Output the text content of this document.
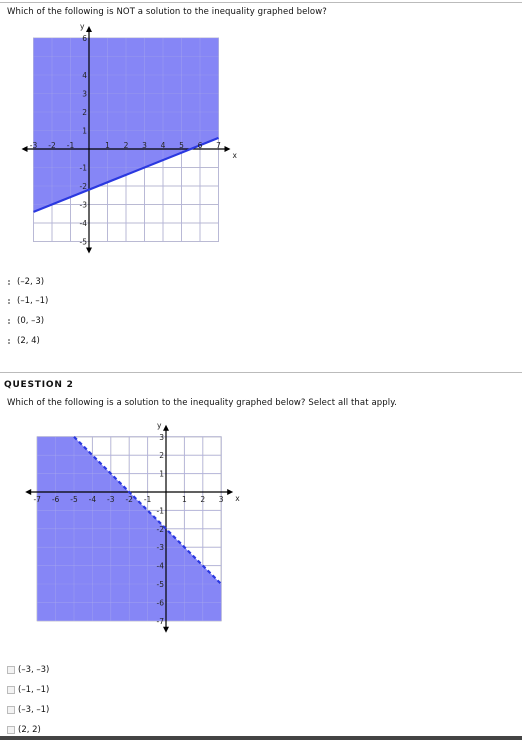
Which of the following is NOT a solution to the inequality graphed below?
-3 -2 -1	1 2 3 4 5 6 7
6
4
3
2
1
-1
-2
-3
-4
-5
x
y
(–2, 3)
(–1, –1)
(0, –3)
(2, 4)
QUESTION 2
Which of the following is a solution to the inequality graphed below? Select all that apply.
-7 -6 -5 -4 -3 -2 -1	1 2 3
3
2
1
-1
-2
-3
-4
-5
-6
-7
x
y
(–3, –3)
(–1, –1)
(–3, –1)
(2, 2)
